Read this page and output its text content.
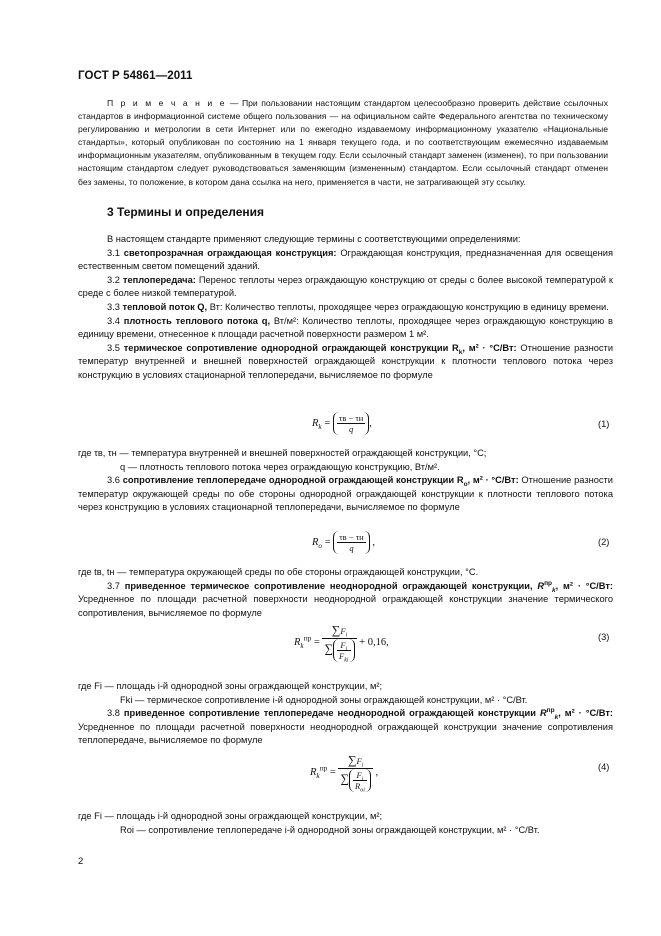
ГОСТ Р 54861—2011

П р и м е ч а н и е — При пользовании настоящим стандартом целесообразно проверить действие ссылочных стандартов в информационной системе общего пользования — на официальном сайте Федерального агентства по техническому регулированию и метрологии в сети Интернет или по ежегодно издаваемому информационному указателю «Национальные стандарты», который опубликован по состоянию на 1 января текущего года, и по соответствующим ежемесячно издаваемым информационным указателям, опубликованным в текущем году. Если ссылочный стандарт заменен (изменен), то при пользовании настоящим стандартом следует руководствоваться заменяющим (измененным) стандартом. Если ссылочный стандарт отменен без замены, то положение, в котором дана ссылка на него, применяется в части, не затрагивающей эту ссылку.

3 Термины и определения

В настоящем стандарте применяют следующие термины с соответствующими определениями:

3.1 светопрозрачная ограждающая конструкция: Ограждающая конструкция, предназначенная для освещения естественным светом помещений зданий.

3.2 теплопередача: Перенос теплоты через ограждающую конструкцию от среды с более высокой температурой к среде с более низкой температурой.

3.3 тепловой поток Q, Вт: Количество теплоты, проходящее через ограждающую конструкцию в единицу времени.

3.4 плотность теплового потока q, Вт/м²: Количество теплоты, проходящее через ограждающую конструкцию в единицу времени, отнесенное к площади расчетной поверхности размером 1 м².

3.5 термическое сопротивление однородной ограждающей конструкции $R_k$, м² · °С/Вт: Отношение разности температур внутренней и внешней поверхностей ограждающей конструкции к плотности теплового потока через конструкцию в условиях стационарной теплопередачи, вычисляемое по формуле

$R_k = \frac{\tau в - \tau н}{q}$ ,	(1)

где τв, τн — температура внутренней и внешней поверхностей ограждающей конструкции, °С;

q — плотность теплового потока через ограждающую конструкцию, Вт/м².

3.6 сопротивление теплопередаче однородной ограждающей конструкции $R_o$, м² · °С/Вт: Отношение разности температур окружающей среды по обе стороны однородной ограждающей конструкции к плотности теплового потока через конструкцию в условиях стационарной теплопередачи, вычисляемое по формуле

$R_o = \frac{\tau в - \tau н}{q}$ ,	(2)

где tв, tн — температура окружающей среды по обе стороны ограждающей конструкции, °С.

3.7 приведенное термическое сопротивление неоднородной ограждающей конструкции, $R^{пр}_k$, м² · °С/Вт: Усредненное по площади расчетной поверхности неоднородной ограждающей конструкции значение термического сопротивления, вычисляемое по формуле

$R_k^{пр} = \frac{\sum F_i}{\sum \frac{F_i}{F_{ki}}} + 0,16$,	(3)

где Fi — площадь i-й однородной зоны ограждающей конструкции, м²;

Fki — термическое сопротивление i-й однородной зоны ограждающей конструкции, м² · °С/Вт.

3.8 приведенное сопротивление теплопередаче неоднородной ограждающей конструкции $R^{пр}_k$, м² · °С/Вт: Усредненное по площади расчетной поверхности неоднородной ограждающей конструкции значение сопротивления теплопередаче, вычисляемое по формуле

$R_k^{пр} = \frac{\sum F_i}{\sum \frac{F_i}{R_{oi}}}$ ,	(4)

где Fi — площадь i-й однородной зоны ограждающей конструкции, м²;

Roi — сопротивление теплопередаче i-й однородной зоны ограждающей конструкции, м² · °С/Вт.

2
